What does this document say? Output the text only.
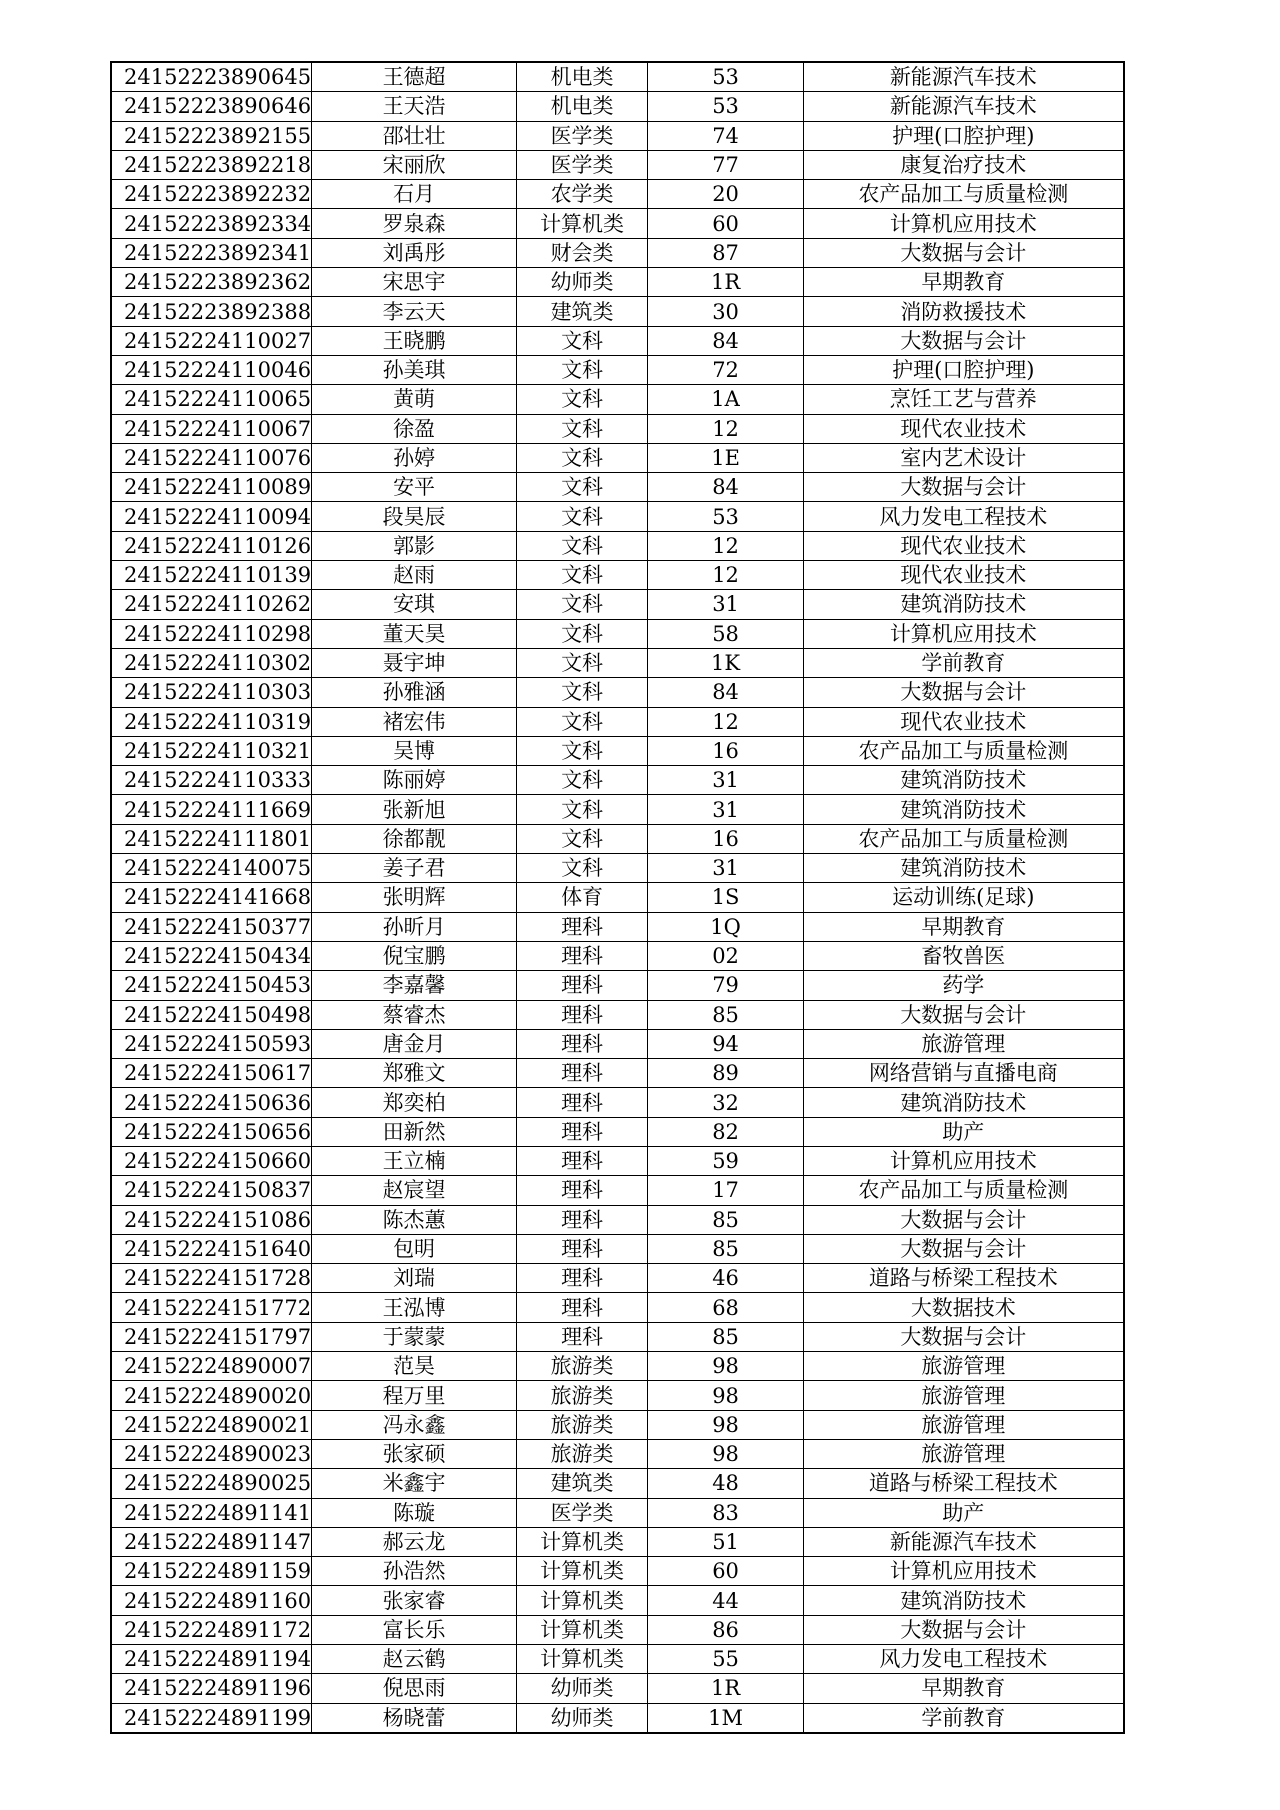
24152223890645	王德超	机电类	53	新能源汽车技术
24152223890646	王天浩	机电类	53	新能源汽车技术
24152223892155	邵壮壮	医学类	74	护理(口腔护理)
24152223892218	宋丽欣	医学类	77	康复治疗技术
24152223892232	石月	农学类	20	农产品加工与质量检测
24152223892334	罗泉森	计算机类	60	计算机应用技术
24152223892341	刘禹彤	财会类	87	大数据与会计
24152223892362	宋思宇	幼师类	1R	早期教育
24152223892388	李云天	建筑类	30	消防救援技术
24152224110027	王晓鹏	文科	84	大数据与会计
24152224110046	孙美琪	文科	72	护理(口腔护理)
24152224110065	黄萌	文科	1A	烹饪工艺与营养
24152224110067	徐盈	文科	12	现代农业技术
24152224110076	孙婷	文科	1E	室内艺术设计
24152224110089	安平	文科	84	大数据与会计
24152224110094	段昊辰	文科	53	风力发电工程技术
24152224110126	郭影	文科	12	现代农业技术
24152224110139	赵雨	文科	12	现代农业技术
24152224110262	安琪	文科	31	建筑消防技术
24152224110298	董天昊	文科	58	计算机应用技术
24152224110302	聂宇坤	文科	1K	学前教育
24152224110303	孙雅涵	文科	84	大数据与会计
24152224110319	褚宏伟	文科	12	现代农业技术
24152224110321	吴博	文科	16	农产品加工与质量检测
24152224110333	陈丽婷	文科	31	建筑消防技术
24152224111669	张新旭	文科	31	建筑消防技术
24152224111801	徐都靓	文科	16	农产品加工与质量检测
24152224140075	姜子君	文科	31	建筑消防技术
24152224141668	张明辉	体育	1S	运动训练(足球)
24152224150377	孙昕月	理科	1Q	早期教育
24152224150434	倪宝鹏	理科	02	畜牧兽医
24152224150453	李嘉馨	理科	79	药学
24152224150498	蔡睿杰	理科	85	大数据与会计
24152224150593	唐金月	理科	94	旅游管理
24152224150617	郑雅文	理科	89	网络营销与直播电商
24152224150636	郑奕柏	理科	32	建筑消防技术
24152224150656	田新然	理科	82	助产
24152224150660	王立楠	理科	59	计算机应用技术
24152224150837	赵宸望	理科	17	农产品加工与质量检测
24152224151086	陈杰蕙	理科	85	大数据与会计
24152224151640	包明	理科	85	大数据与会计
24152224151728	刘瑞	理科	46	道路与桥梁工程技术
24152224151772	王泓博	理科	68	大数据技术
24152224151797	于蒙蒙	理科	85	大数据与会计
24152224890007	范昊	旅游类	98	旅游管理
24152224890020	程万里	旅游类	98	旅游管理
24152224890021	冯永鑫	旅游类	98	旅游管理
24152224890023	张家硕	旅游类	98	旅游管理
24152224890025	米鑫宇	建筑类	48	道路与桥梁工程技术
24152224891141	陈璇	医学类	83	助产
24152224891147	郝云龙	计算机类	51	新能源汽车技术
24152224891159	孙浩然	计算机类	60	计算机应用技术
24152224891160	张家睿	计算机类	44	建筑消防技术
24152224891172	富长乐	计算机类	86	大数据与会计
24152224891194	赵云鹤	计算机类	55	风力发电工程技术
24152224891196	倪思雨	幼师类	1R	早期教育
24152224891199	杨晓蕾	幼师类	1M	学前教育
